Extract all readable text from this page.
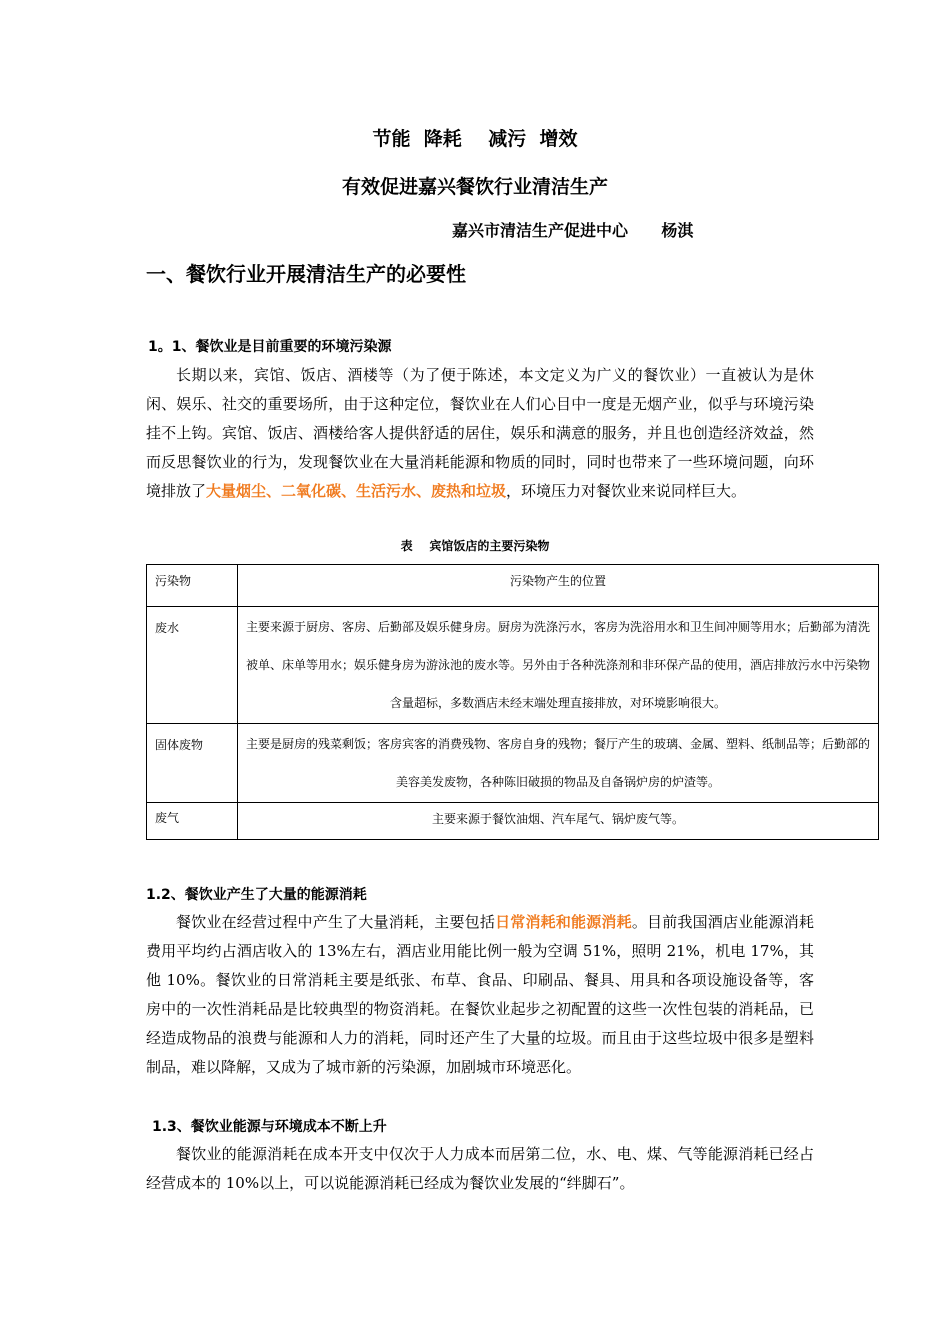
节能  降耗    减污  增效
有效促进嘉兴餐饮行业清洁生产
嘉兴市清洁生产促进中心      杨淇
一、餐饮行业开展清洁生产的必要性
1。1、餐饮业是目前重要的环境污染源
长期以来，宾馆、饭店、酒楼等（为了便于陈述，本文定义为广义的餐饮业）一直被认为是休闲、娱乐、社交的重要场所，由于这种定位，餐饮业在人们心目中一度是无烟产业，似乎与环境污染挂不上钩。宾馆、饭店、酒楼给客人提供舒适的居住，娱乐和满意的服务，并且也创造经济效益，然而反思餐饮业的行为，发现餐饮业在大量消耗能源和物质的同时，同时也带来了一些环境问题，向环境排放了大量烟尘、二氧化碳、生活污水、废热和垃圾，环境压力对餐饮业来说同样巨大。
表    宾馆饭店的主要污染物
污染物	污染物产生的位置
废水	主要来源于厨房、客房、后勤部及娱乐健身房。厨房为洗涤污水，客房为洗浴用水和卫生间冲厕等用水；后勤部为清洗被单、床单等用水；娱乐健身房为游泳池的废水等。另外由于各种洗涤剂和非环保产品的使用，酒店排放污水中污染物含量超标，多数酒店未经末端处理直接排放，对环境影响很大。
固体废物	主要是厨房的残菜剩饭；客房宾客的消费残物、客房自身的残物；餐厅产生的玻璃、金属、塑料、纸制品等；后勤部的美容美发废物，各种陈旧破损的物品及自备锅炉房的炉渣等。
废气	主要来源于餐饮油烟、汽车尾气、锅炉废气等。
1.2、餐饮业产生了大量的能源消耗
餐饮业在经营过程中产生了大量消耗，主要包括日常消耗和能源消耗。目前我国酒店业能源消耗费用平均约占酒店收入的 13%左右，酒店业用能比例一般为空调 51%，照明 21%，机电 17%，其他 10%。餐饮业的日常消耗主要是纸张、布草、食品、印刷品、餐具、用具和各项设施设备等，客房中的一次性消耗品是比较典型的物资消耗。在餐饮业起步之初配置的这些一次性包装的消耗品，已经造成物品的浪费与能源和人力的消耗，同时还产生了大量的垃圾。而且由于这些垃圾中很多是塑料制品，难以降解，又成为了城市新的污染源，加剧城市环境恶化。
1.3、餐饮业能源与环境成本不断上升
餐饮业的能源消耗在成本开支中仅次于人力成本而居第二位，水、电、煤、气等能源消耗已经占经营成本的 10%以上，可以说能源消耗已经成为餐饮业发展的“绊脚石”。
